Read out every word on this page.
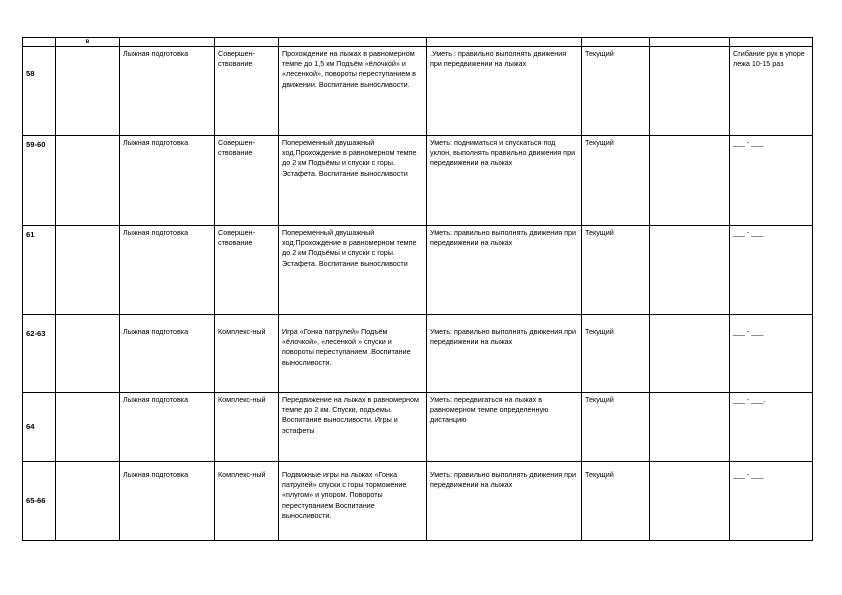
	в							
58		Лыжная подготовка	Совершен-ствование	Прохождение на лыжах в равномерном темпе до 1,5 км Подъём «ёлочкой» и «лесенкой», повороты переступанием в движении. Воспитание выносливости.	.Уметь : правильно выполнять движения при передвижении на лыжах	Текущий		Сгибание рук в упоре лежа 10-15 раз
59-60		Лыжная подготовка	Совершен-ствование	Попеременный двушажный ход.Прохождение в равномерном темпе до 2 км Подъёмы и спуски с горы. Эстафета. Воспитание выносливости	Уметь: подниматься и спускаться под уклон, выполнять правильно движения при передвижении на лыжах	Текущий		___ - ___
61		Лыжная подготовка	Совершен-ствование	Попеременный двушажный ход.Прохождение в равномерном темпе до 2 км Подъёмы и спуски с горы. Эстафета. Воспитание выносливости	Уметь: правильно выполнять движения при передвижении на лыжах	Текущий		___ - ___
62-63		Лыжная подготовка	Комплекс-ный	Игра «Гонка патрулей» Подъём «ёлочкой», «лесенкой » спуски и повороты переступанием .Воспитание выносливости.	Уметь: правильно выполнять движения при передвижении на лыжах	Текущий		___ - ___
64		Лыжная подготовка	Комплекс-ный	Передвижение на лыжах в равномерном темпе до 2 км. Спуски, подъемы. Воспитание выносливости. Игры и эстафеты	Уметь: передвигаться на лыжах в равномерном темпе определенную дистанцию	Текущий		___ - ___.
65-66		Лыжная подготовка	Комплекс-ный	Подвижные игры на лыжах «Гонка патрулей» спуски с горы торможение «плугом» и упором. Повороты переступанием Воспитание выносливости.	Уметь: правильно выполнять движения при передвижении на лыжах	Текущий		___ - ___
